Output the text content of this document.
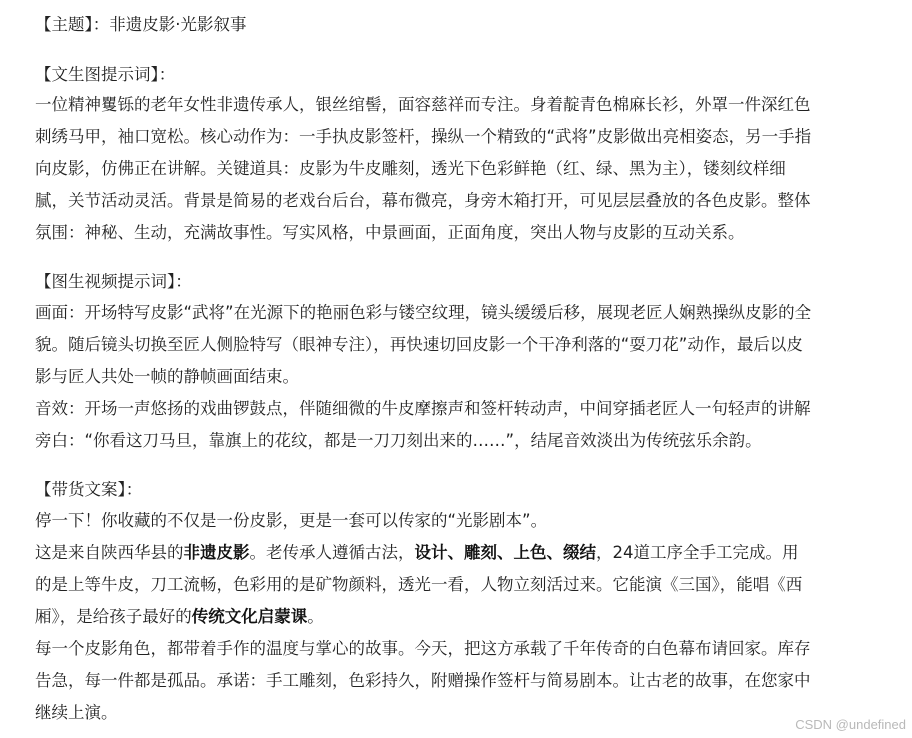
【主题】：非遗皮影·光影叙事
【文生图提示词】：
一位精神矍铄的老年女性非遗传承人，银丝绾髻，面容慈祥而专注。身着靛青色棉麻长衫，外罩一件深红色
刺绣马甲，袖口宽松。核心动作为：一手执皮影签杆，操纵一个精致的“武将”皮影做出亮相姿态，另一手指
向皮影，仿佛正在讲解。关键道具：皮影为牛皮雕刻，透光下色彩鲜艳（红、绿、黑为主），镂刻纹样细
腻，关节活动灵活。背景是简易的老戏台后台，幕布微亮，身旁木箱打开，可见层层叠放的各色皮影。整体
氛围：神秘、生动，充满故事性。写实风格，中景画面，正面角度，突出人物与皮影的互动关系。
【图生视频提示词】：
画面：开场特写皮影“武将”在光源下的艳丽色彩与镂空纹理，镜头缓缓后移，展现老匠人娴熟操纵皮影的全
貌。随后镜头切换至匠人侧脸特写（眼神专注），再快速切回皮影一个干净利落的“耍刀花”动作，最后以皮
影与匠人共处一帧的静帧画面结束。
音效：开场一声悠扬的戏曲锣鼓点，伴随细微的牛皮摩擦声和签杆转动声，中间穿插老匠人一句轻声的讲解
旁白：“你看这刀马旦，靠旗上的花纹，都是一刀刀刻出来的……”，结尾音效淡出为传统弦乐余韵。
【带货文案】：
停一下！你收藏的不仅是一份皮影，更是一套可以传家的“光影剧本”。
这是来自陕西华县的非遗皮影。老传承人遵循古法，设计、雕刻、上色、缀结，24道工序全手工完成。用
的是上等牛皮，刀工流畅，色彩用的是矿物颜料，透光一看，人物立刻活过来。它能演《三国》，能唱《西
厢》，是给孩子最好的传统文化启蒙课。
每一个皮影角色，都带着手作的温度与掌心的故事。今天，把这方承载了千年传奇的白色幕布请回家。库存
告急，每一件都是孤品。承诺：手工雕刻，色彩持久，附赠操作签杆与简易剧本。让古老的故事，在您家中
继续上演。
CSDN @undefined
